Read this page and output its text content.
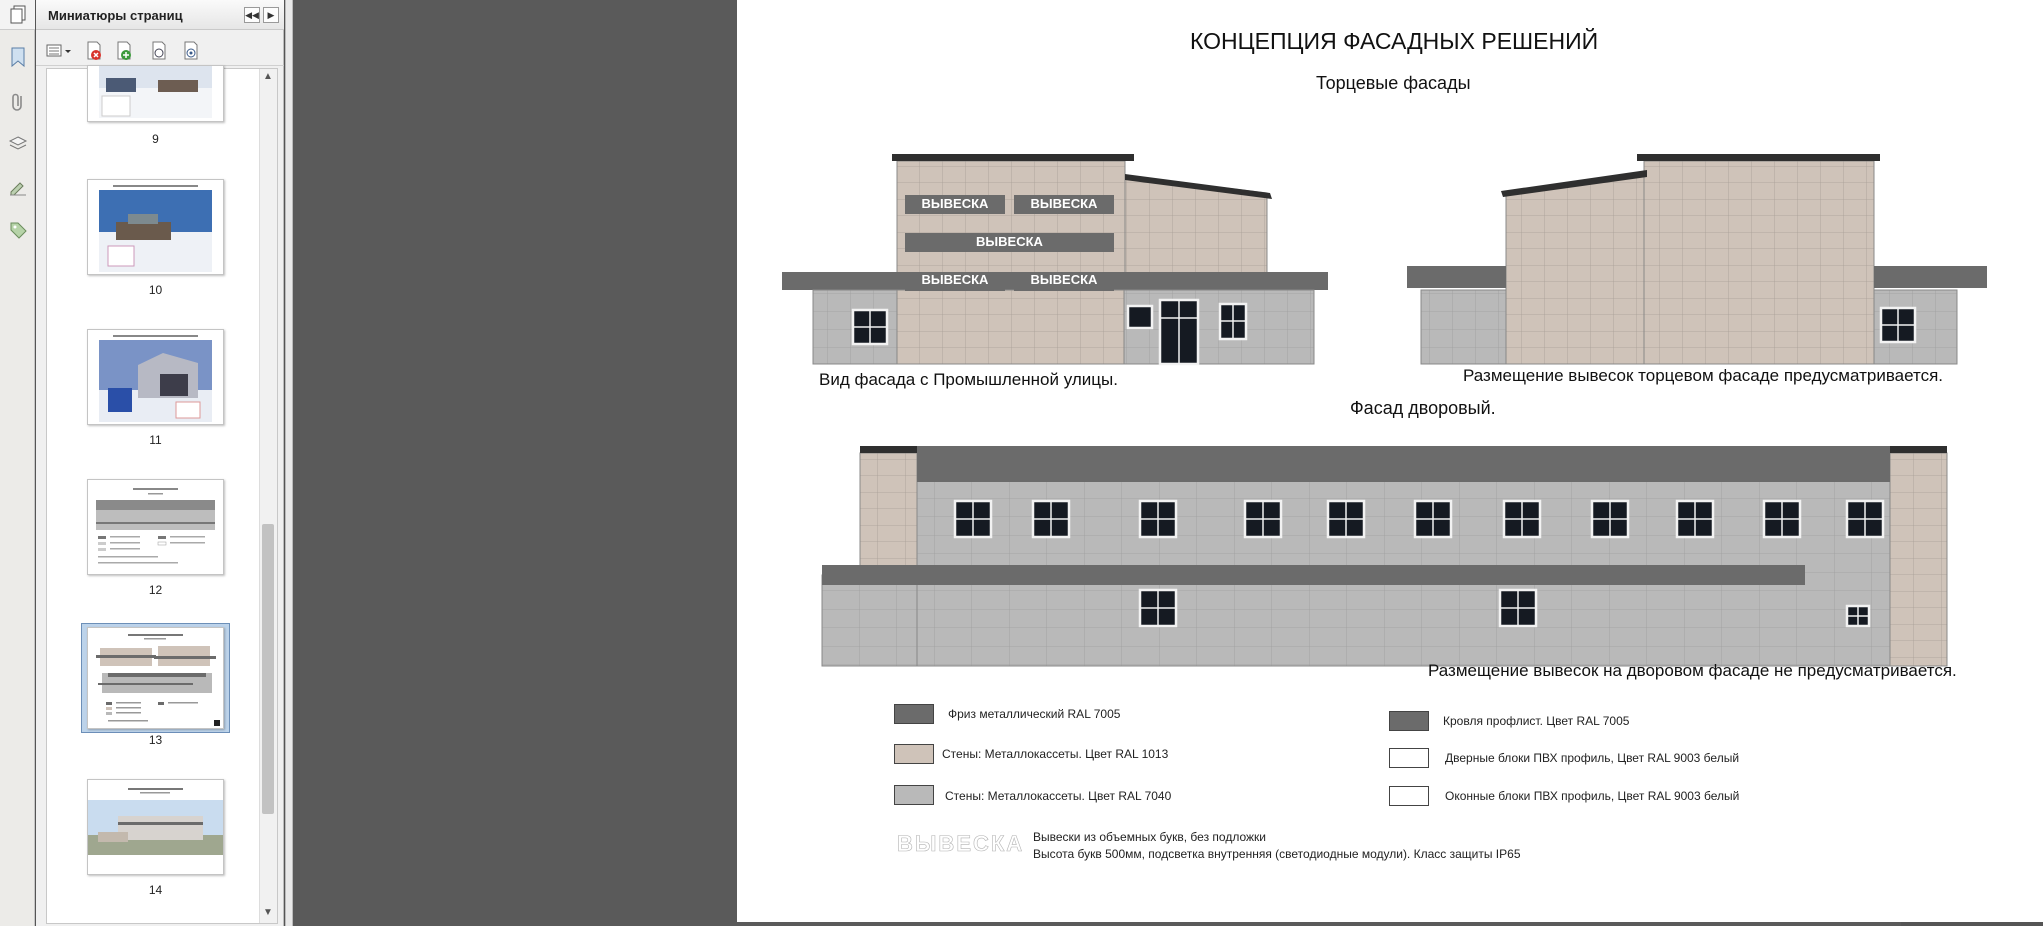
Миниатюры страниц	◀◀ ▶
9
10
11
12
13
14
▲
▼
КОНЦЕПЦИЯ ФАСАДНЫХ РЕШЕНИЙ
Торцевые фасады
ВЫВЕСКА	ВЫВЕСКА
ВЫВЕСКА
ВЫВЕСКА	ВЫВЕСКА
Вид фасада с Промышленной улицы.	Размещение вывесок торцевом фасаде предусматривается.
Фасад дворовый.
Размещение вывесок на дворовом фасаде не предусматривается.
Фриз металлический RAL 7005
Стены: Металлокассеты. Цвет RAL 1013
Стены: Металлокассеты. Цвет RAL 7040
Кровля профлист. Цвет RAL 7005
Дверные блоки ПВХ профиль, Цвет RAL 9003 белый
Оконные блоки ПВХ профиль, Цвет RAL 9003 белый
ВЫВЕСКА Вывески из объемных букв, без подложки
Высота букв 500мм, подсветка внутренняя (светодиодные модули). Класс защиты IP65
